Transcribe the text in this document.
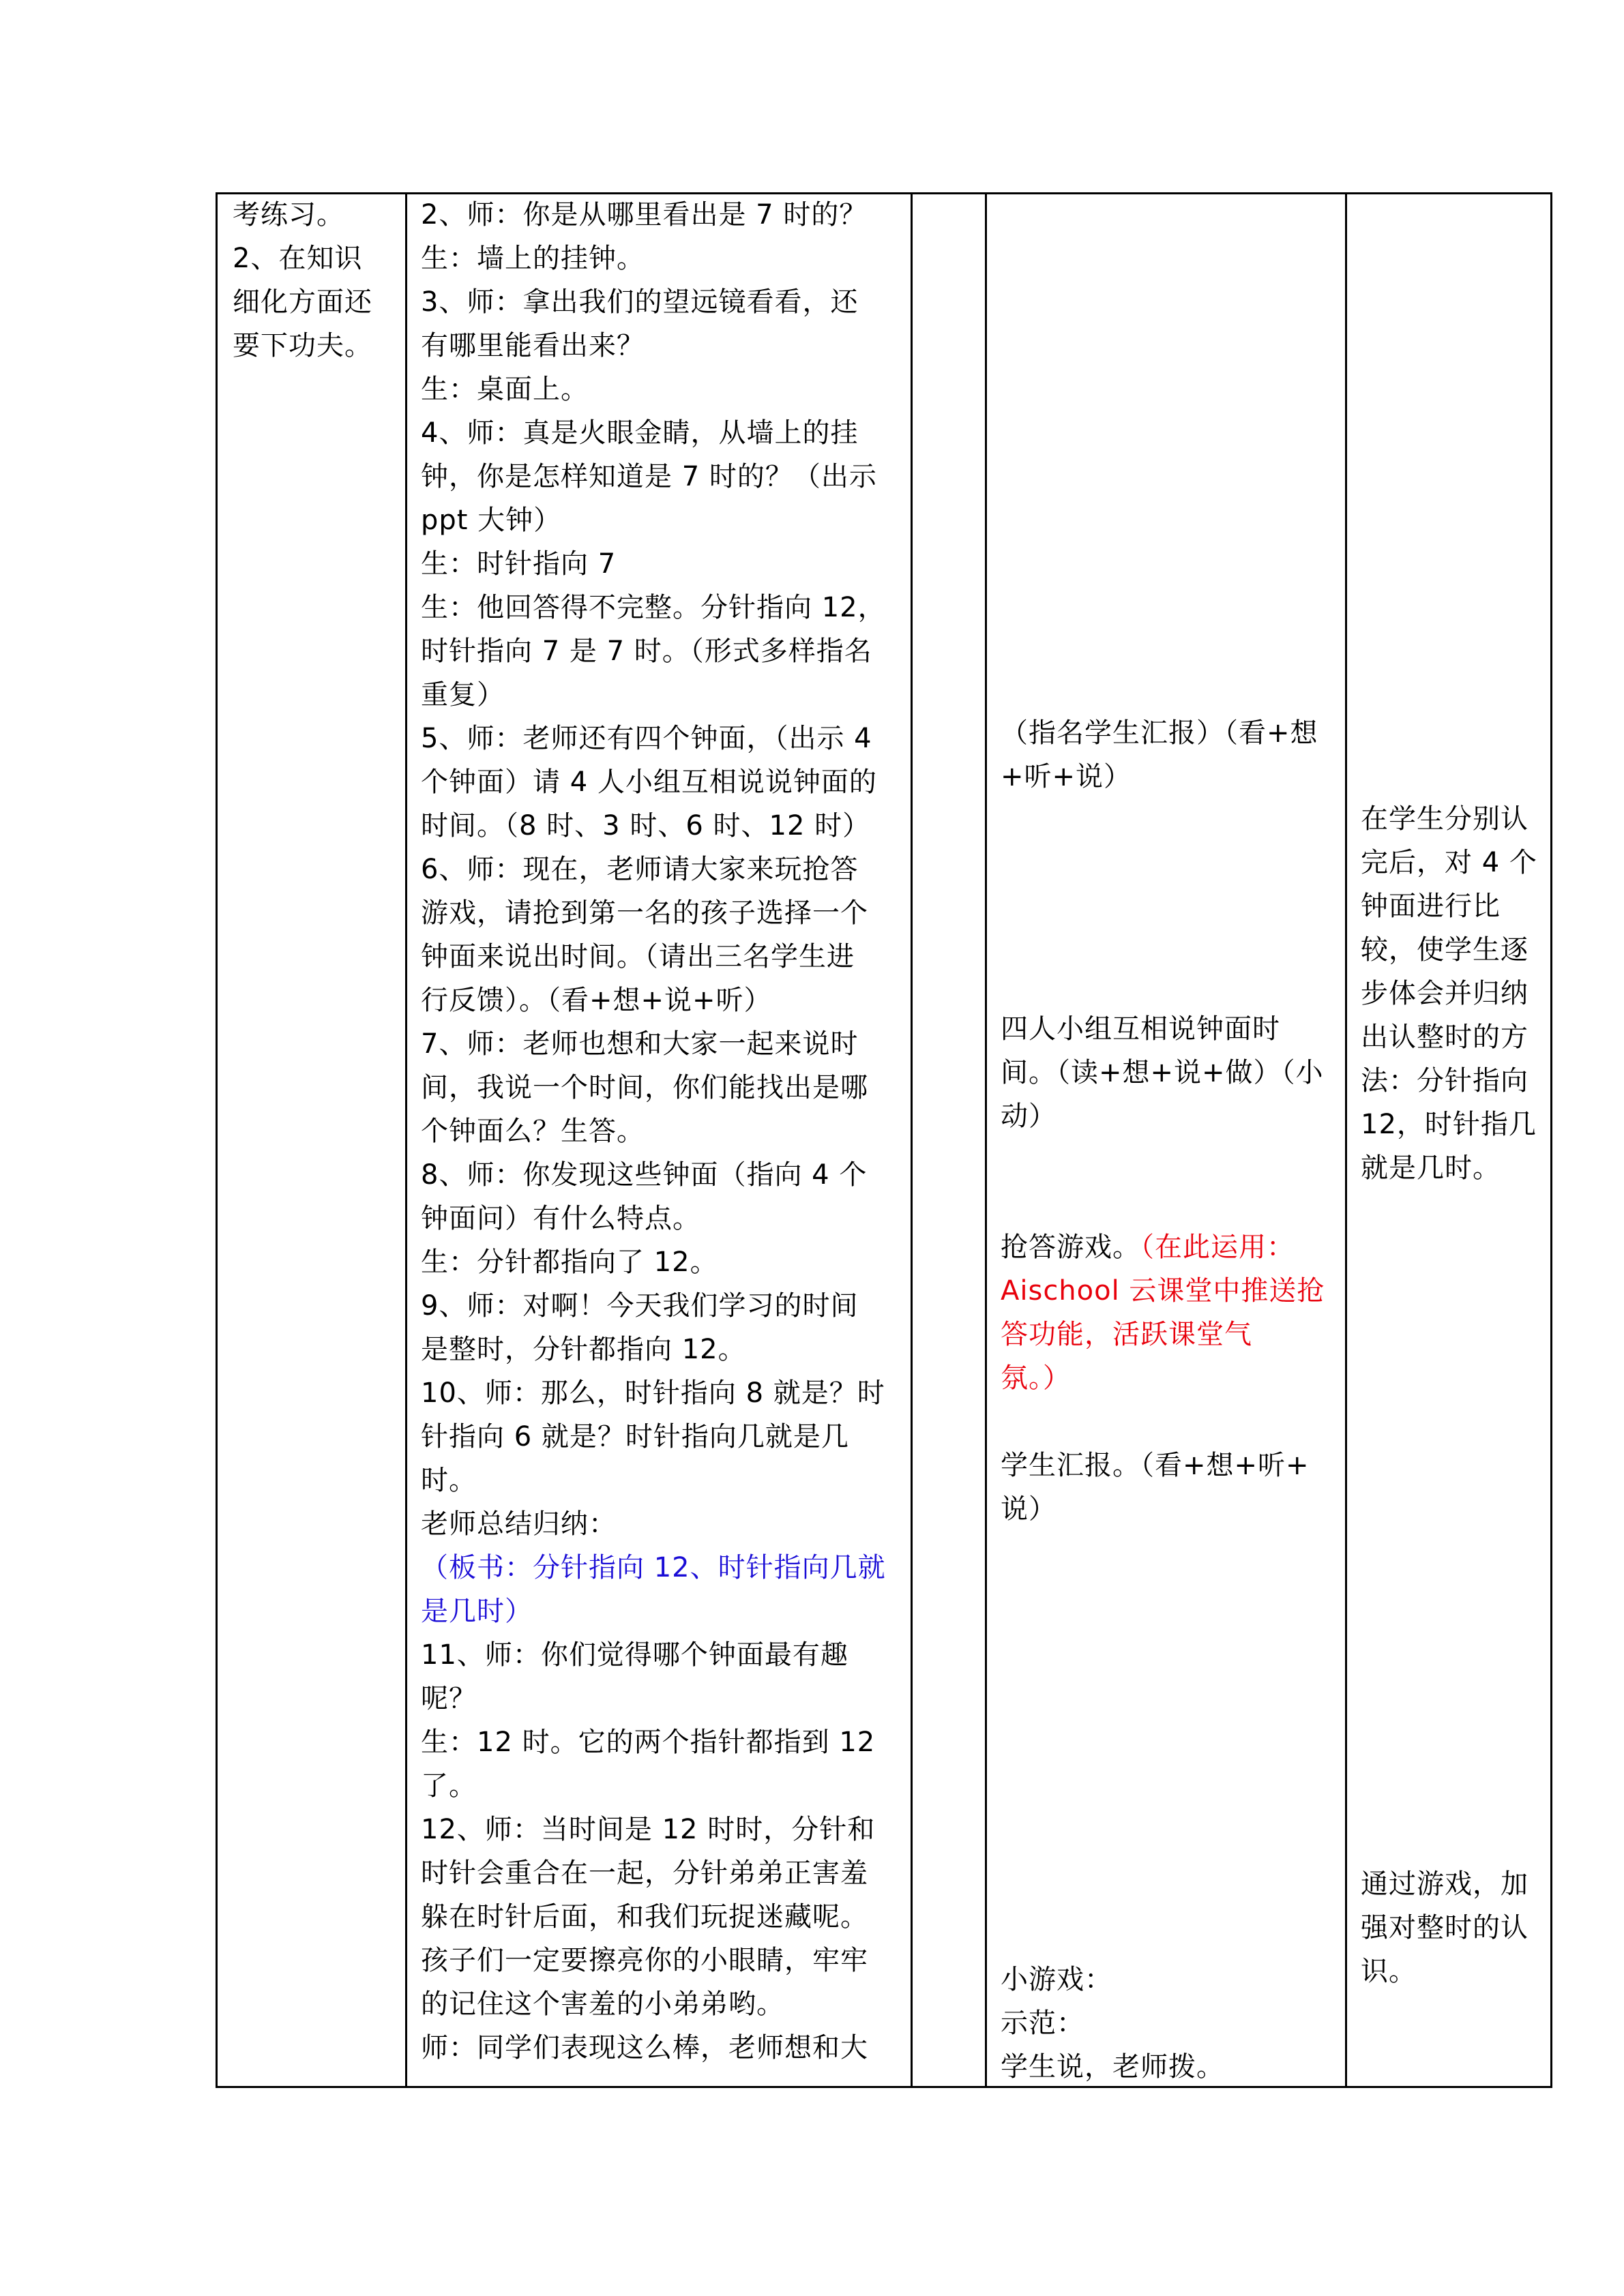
考练习。
2、在知识
细化方面还
要下功夫。
2、师：你是从哪里看出是 7 时的？
生：墙上的挂钟。
3、师：拿出我们的望远镜看看，还
有哪里能看出来？
生：桌面上。
4、师：真是火眼金睛，从墙上的挂
钟，你是怎样知道是 7 时的？（出示
ppt 大钟）
生：时针指向 7
生：他回答得不完整。分针指向 12，
时针指向 7 是 7 时。（形式多样指名
重复）
5、师：老师还有四个钟面，（出示 4
个钟面）请 4 人小组互相说说钟面的
时间。（8 时、3 时、6 时、12 时）
6、师：现在，老师请大家来玩抢答
游戏，请抢到第一名的孩子选择一个
钟面来说出时间。（请出三名学生进
行反馈）。（看+想+说+听）
7、师：老师也想和大家一起来说时
间，我说一个时间，你们能找出是哪
个钟面么？生答。
8、师：你发现这些钟面（指向 4 个
钟面问）有什么特点。
生：分针都指向了 12。
9、师：对啊！今天我们学习的时间
是整时，分针都指向 12。
10、师：那么，时针指向 8 就是？时
针指向 6 就是？时针指向几就是几
时。
老师总结归纳：
（板书：分针指向 12、时针指向几就
是几时）
11、师：你们觉得哪个钟面最有趣
呢？
生：12 时。它的两个指针都指到 12
了。
12、师：当时间是 12 时时，分针和
时针会重合在一起，分针弟弟正害羞
躲在时针后面，和我们玩捉迷藏呢。
孩子们一定要擦亮你的小眼睛，牢牢
的记住这个害羞的小弟弟哟。
师：同学们表现这么棒，老师想和大
（指名学生汇报）（看+想
+听+说）
四人小组互相说钟面时
间。（读+想+说+做）（小
动）
抢答游戏。（在此运用：
Aischool 云课堂中推送抢
答功能，活跃课堂气
氛。）
学生汇报。（看+想+听+
说）
小游戏：
示范：
学生说，老师拨。
在学生分别认
完后，对 4 个
钟面进行比
较，使学生逐
步体会并归纳
出认整时的方
法：分针指向
12，时针指几
就是几时。
通过游戏，加
强对整时的认
识。
